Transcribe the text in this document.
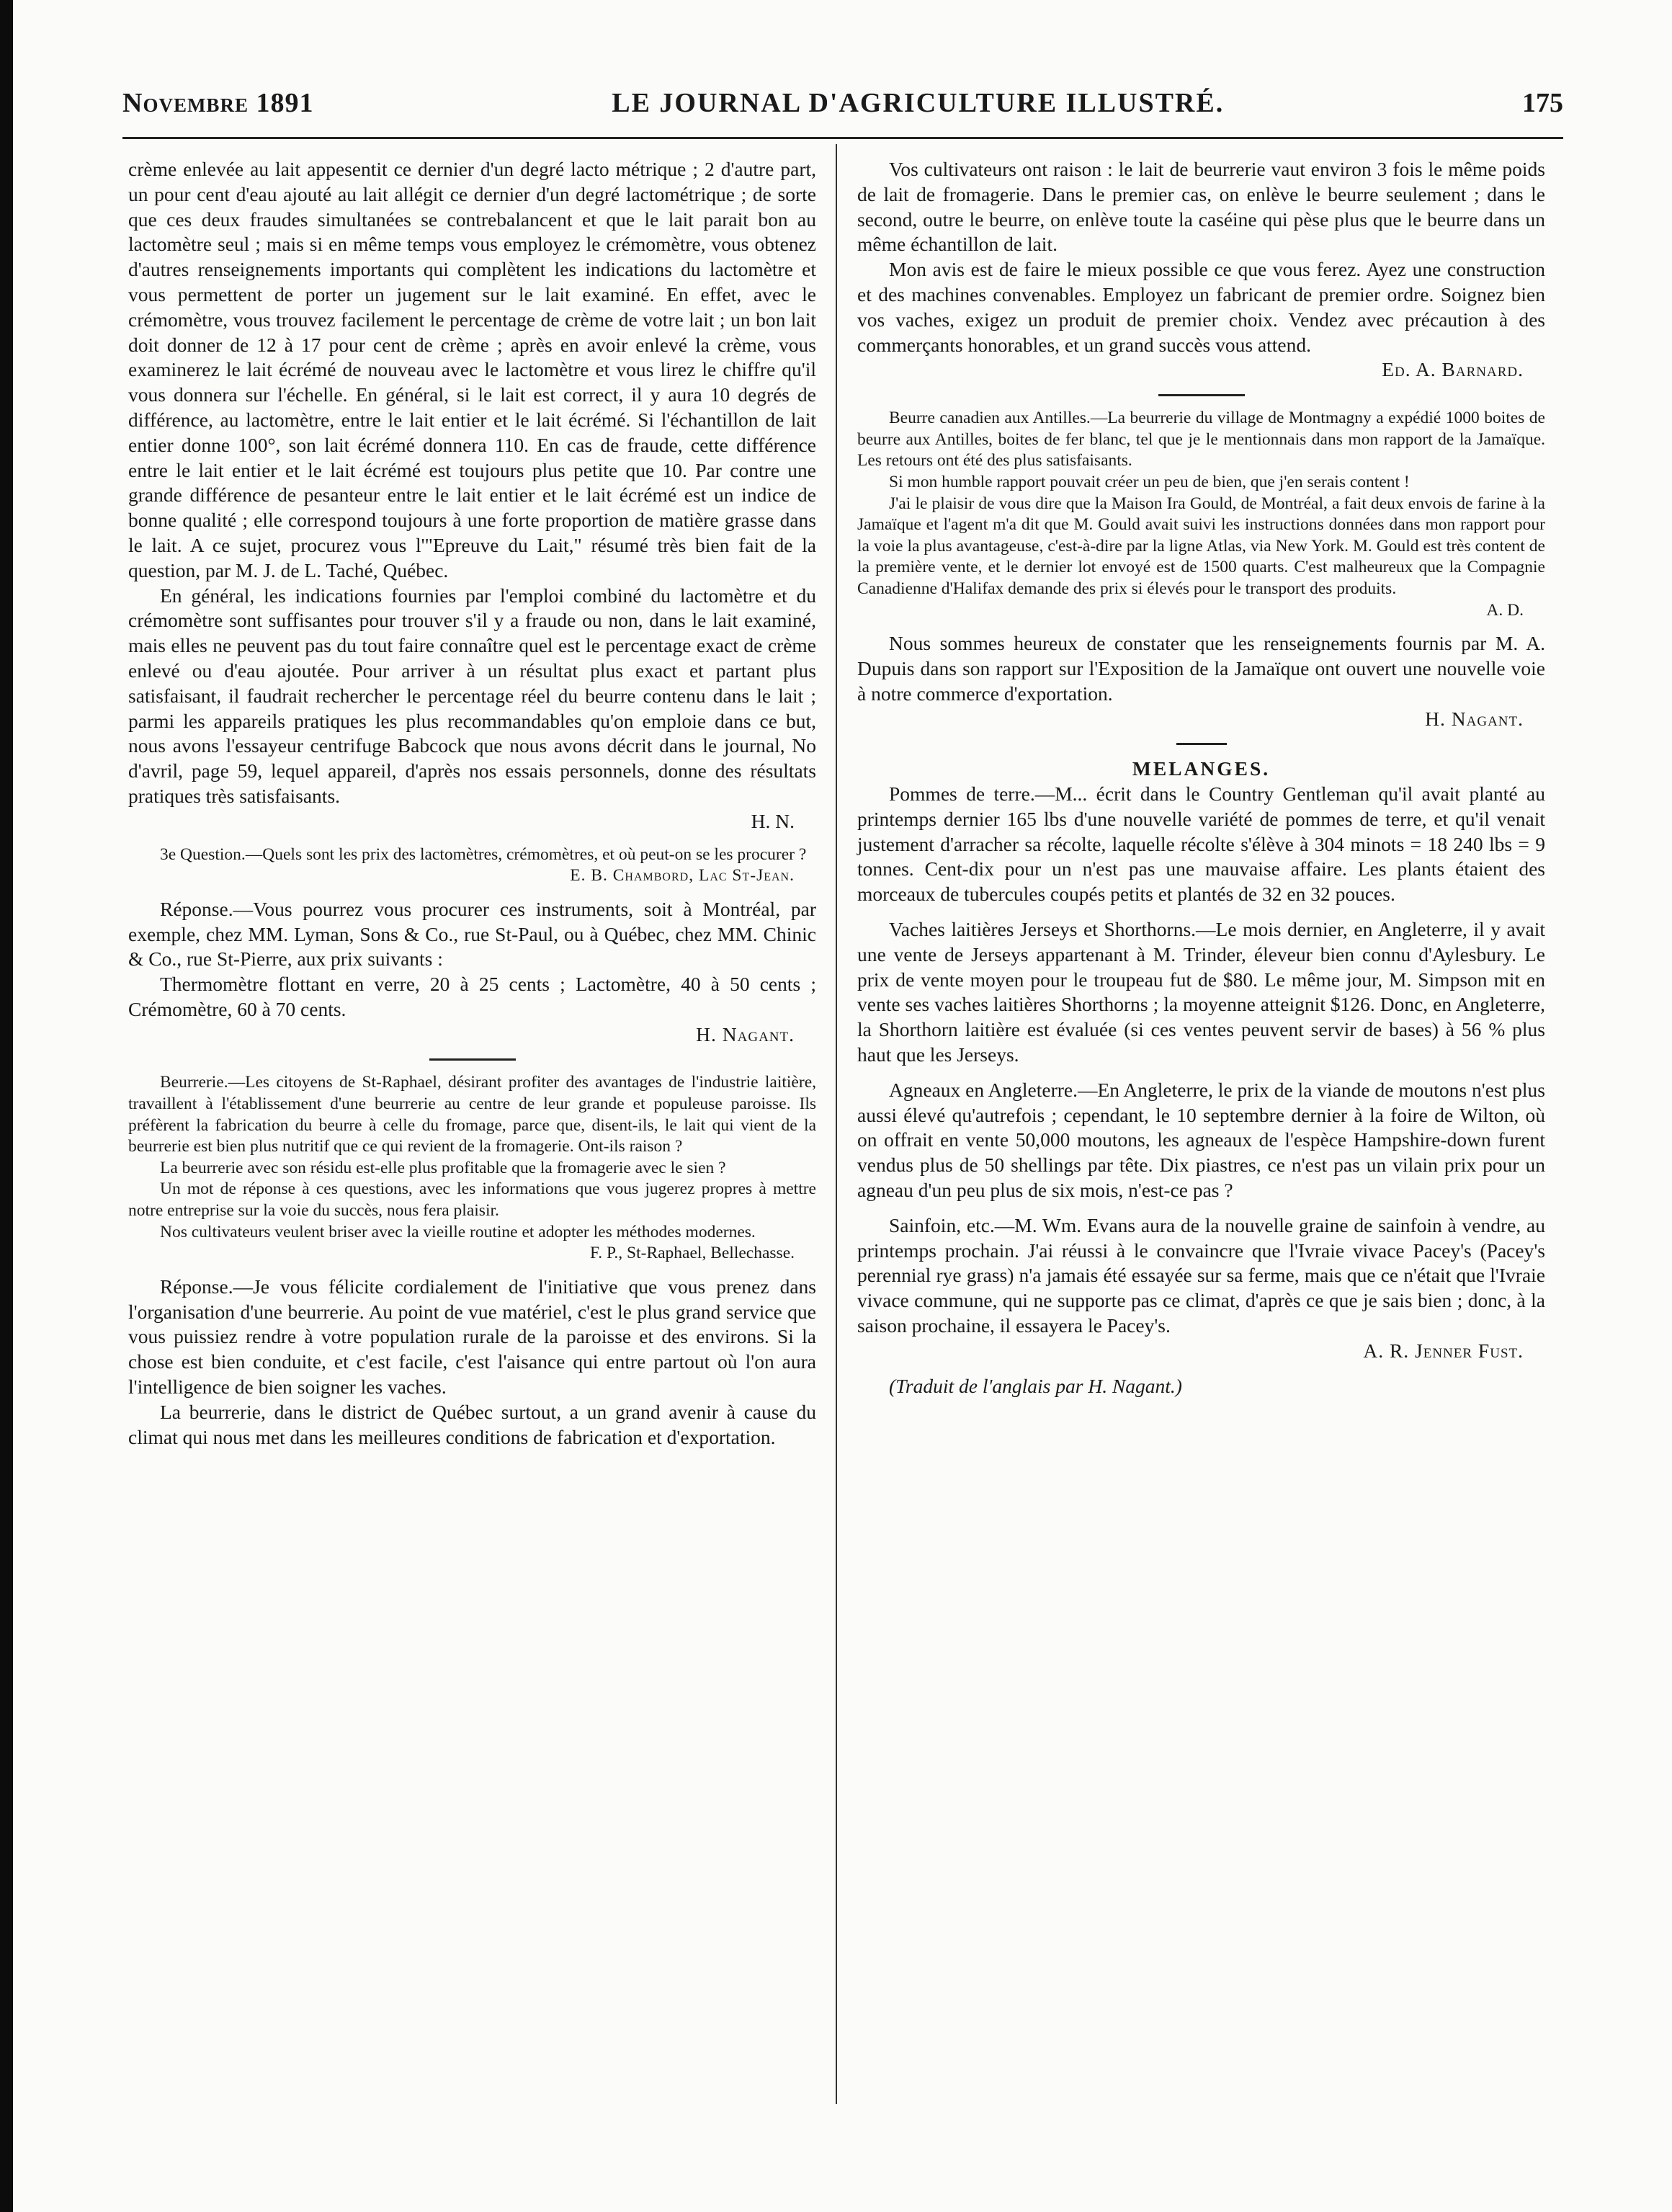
Novembre 1891	LE JOURNAL D'AGRICULTURE ILLUSTRÉ.	175

crème enlevée au lait appesentit ce dernier d'un degré lacto métrique ; 2 d'autre part, un pour cent d'eau ajouté au lait allégit ce dernier d'un degré lactométrique ; de sorte que ces deux fraudes simultanées se contrebalancent et que le lait parait bon au lactomètre seul ; mais si en même temps vous employez le crémomètre, vous obtenez d'autres renseignements importants qui complètent les indications du lactomètre et vous permettent de porter un jugement sur le lait examiné. En effet, avec le crémomètre, vous trouvez facilement le percentage de crème de votre lait ; un bon lait doit donner de 12 à 17 pour cent de crème ; après en avoir enlevé la crème, vous examinerez le lait écrémé de nouveau avec le lactomètre et vous lirez le chiffre qu'il vous donnera sur l'échelle. En général, si le lait est correct, il y aura 10 degrés de différence, au lactomètre, entre le lait entier et le lait écrémé. Si l'échantillon de lait entier donne 100°, son lait écrémé donnera 110. En cas de fraude, cette différence entre le lait entier et le lait écrémé est toujours plus petite que 10. Par contre une grande différence de pesanteur entre le lait entier et le lait écrémé est un indice de bonne qualité ; elle correspond toujours à une forte proportion de matière grasse dans le lait. A ce sujet, procurez vous l'"Epreuve du Lait," résumé très bien fait de la question, par M. J. de L. Taché, Québec.

En général, les indications fournies par l'emploi combiné du lactomètre et du crémomètre sont suffisantes pour trouver s'il y a fraude ou non, dans le lait examiné, mais elles ne peuvent pas du tout faire connaître quel est le percentage exact de crème enlevé ou d'eau ajoutée. Pour arriver à un résultat plus exact et partant plus satisfaisant, il faudrait rechercher le percentage réel du beurre contenu dans le lait ; parmi les appareils pratiques les plus recommandables qu'on emploie dans ce but, nous avons l'essayeur centrifuge Babcock que nous avons décrit dans le journal, No d'avril, page 59, lequel appareil, d'après nos essais personnels, donne des résultats pratiques très satisfaisants.

H. N.

3e Question.—Quels sont les prix des lactomètres, crémomètres, et où peut-on se les procurer ?

E. B. Chambord, Lac St-Jean.

Réponse.—Vous pourrez vous procurer ces instruments, soit à Montréal, par exemple, chez MM. Lyman, Sons & Co., rue St-Paul, ou à Québec, chez MM. Chinic & Co., rue St-Pierre, aux prix suivants :

Thermomètre flottant en verre, 20 à 25 cents ; Lactomètre, 40 à 50 cents ; Crémomètre, 60 à 70 cents.

H. Nagant.

Beurrerie.—Les citoyens de St-Raphael, désirant profiter des avantages de l'industrie laitière, travaillent à l'établissement d'une beurrerie au centre de leur grande et populeuse paroisse. Ils préfèrent la fabrication du beurre à celle du fromage, parce que, disent-ils, le lait qui vient de la beurrerie est bien plus nutritif que ce qui revient de la fromagerie. Ont-ils raison ?

La beurrerie avec son résidu est-elle plus profitable que la fromagerie avec le sien ?

Un mot de réponse à ces questions, avec les informations que vous jugerez propres à mettre notre entreprise sur la voie du succès, nous fera plaisir.

Nos cultivateurs veulent briser avec la vieille routine et adopter les méthodes modernes.

F. P., St-Raphael, Bellechasse.

Réponse.—Je vous félicite cordialement de l'initiative que vous prenez dans l'organisation d'une beurrerie. Au point de vue matériel, c'est le plus grand service que vous puissiez rendre à votre population rurale de la paroisse et des environs. Si la chose est bien conduite, et c'est facile, c'est l'aisance qui entre partout où l'on aura l'intelligence de bien soigner les vaches.

La beurrerie, dans le district de Québec surtout, a un grand avenir à cause du climat qui nous met dans les meilleures conditions de fabrication et d'exportation.

Vos cultivateurs ont raison : le lait de beurrerie vaut environ 3 fois le même poids de lait de fromagerie. Dans le premier cas, on enlève le beurre seulement ; dans le second, outre le beurre, on enlève toute la caséine qui pèse plus que le beurre dans un même échantillon de lait.

Mon avis est de faire le mieux possible ce que vous ferez. Ayez une construction et des machines convenables. Employez un fabricant de premier ordre. Soignez bien vos vaches, exigez un produit de premier choix. Vendez avec précaution à des commerçants honorables, et un grand succès vous attend.

Ed. A. Barnard.

Beurre canadien aux Antilles.—La beurrerie du village de Montmagny a expédié 1000 boites de beurre aux Antilles, boites de fer blanc, tel que je le mentionnais dans mon rapport de la Jamaïque. Les retours ont été des plus satisfaisants.

Si mon humble rapport pouvait créer un peu de bien, que j'en serais content !

J'ai le plaisir de vous dire que la Maison Ira Gould, de Montréal, a fait deux envois de farine à la Jamaïque et l'agent m'a dit que M. Gould avait suivi les instructions données dans mon rapport pour la voie la plus avantageuse, c'est-à-dire par la ligne Atlas, via New York. M. Gould est très content de la première vente, et le dernier lot envoyé est de 1500 quarts. C'est malheureux que la Compagnie Canadienne d'Halifax demande des prix si élevés pour le transport des produits.

A. D.

Nous sommes heureux de constater que les renseignements fournis par M. A. Dupuis dans son rapport sur l'Exposition de la Jamaïque ont ouvert une nouvelle voie à notre commerce d'exportation.

H. Nagant.

MELANGES.

Pommes de terre.—M... écrit dans le Country Gentleman qu'il avait planté au printemps dernier 165 lbs d'une nouvelle variété de pommes de terre, et qu'il venait justement d'arracher sa récolte, laquelle récolte s'élève à 304 minots = 18 240 lbs = 9 tonnes. Cent-dix pour un n'est pas une mauvaise affaire. Les plants étaient des morceaux de tubercules coupés petits et plantés de 32 en 32 pouces.

Vaches laitières Jerseys et Shorthorns.—Le mois dernier, en Angleterre, il y avait une vente de Jerseys appartenant à M. Trinder, éleveur bien connu d'Aylesbury. Le prix de vente moyen pour le troupeau fut de $80. Le même jour, M. Simpson mit en vente ses vaches laitières Shorthorns ; la moyenne atteignit $126. Donc, en Angleterre, la Shorthorn laitière est évaluée (si ces ventes peuvent servir de bases) à 56 % plus haut que les Jerseys.

Agneaux en Angleterre.—En Angleterre, le prix de la viande de moutons n'est plus aussi élevé qu'autrefois ; cependant, le 10 septembre dernier à la foire de Wilton, où on offrait en vente 50,000 moutons, les agneaux de l'espèce Hampshire-down furent vendus plus de 50 shellings par tête. Dix piastres, ce n'est pas un vilain prix pour un agneau d'un peu plus de six mois, n'est-ce pas ?

Sainfoin, etc.—M. Wm. Evans aura de la nouvelle graine de sainfoin à vendre, au printemps prochain. J'ai réussi à le convaincre que l'Ivraie vivace Pacey's (Pacey's perennial rye grass) n'a jamais été essayée sur sa ferme, mais que ce n'était que l'Ivraie vivace commune, qui ne supporte pas ce climat, d'après ce que je sais bien ; donc, à la saison prochaine, il essayera le Pacey's.

A. R. Jenner Fust.

(Traduit de l'anglais par H. Nagant.)
